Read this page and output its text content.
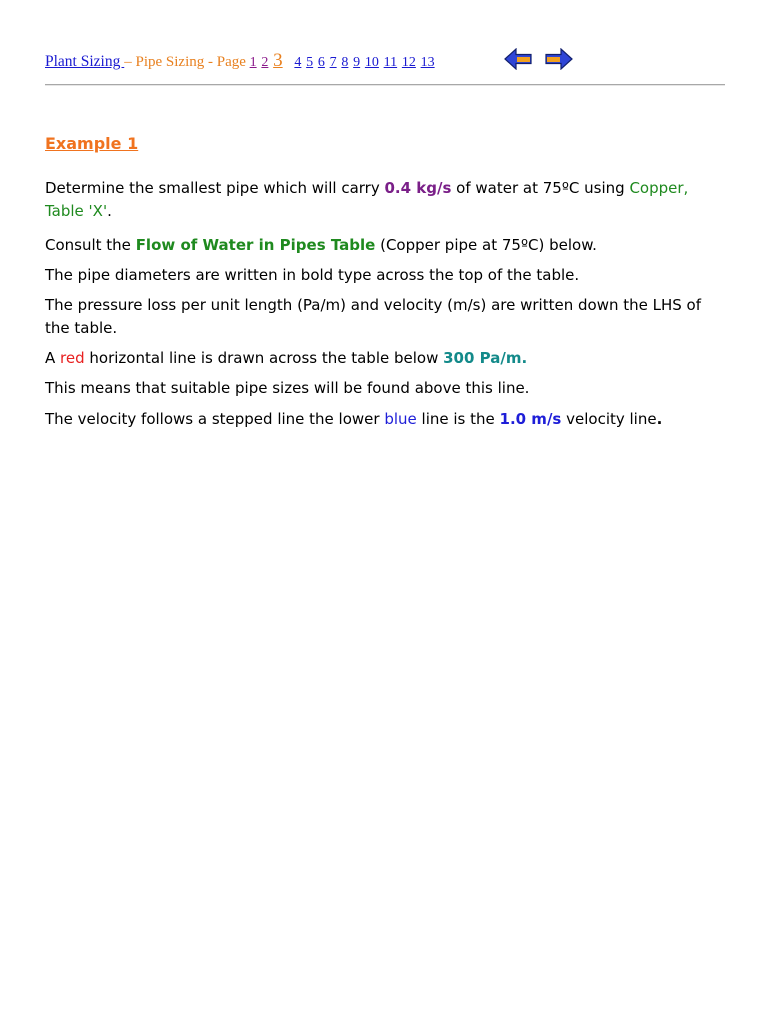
Plant Sizing – Pipe Sizing - Page 1 2 3 4 5 6 7 8 9 10 11 12 13

Example 1

Determine the smallest pipe which will carry 0.4 kg/s of water at 75ºC using Copper, Table 'X'.

Consult the Flow of Water in Pipes Table (Copper pipe at 75ºC) below.

The pipe diameters are written in bold type across the top of the table.

The pressure loss per unit length (Pa/m) and velocity (m/s) are written down the LHS of the table.

A red horizontal line is drawn across the table below 300 Pa/m.

This means that suitable pipe sizes will be found above this line.

The velocity follows a stepped line the lower blue line is the 1.0 m/s velocity line.
